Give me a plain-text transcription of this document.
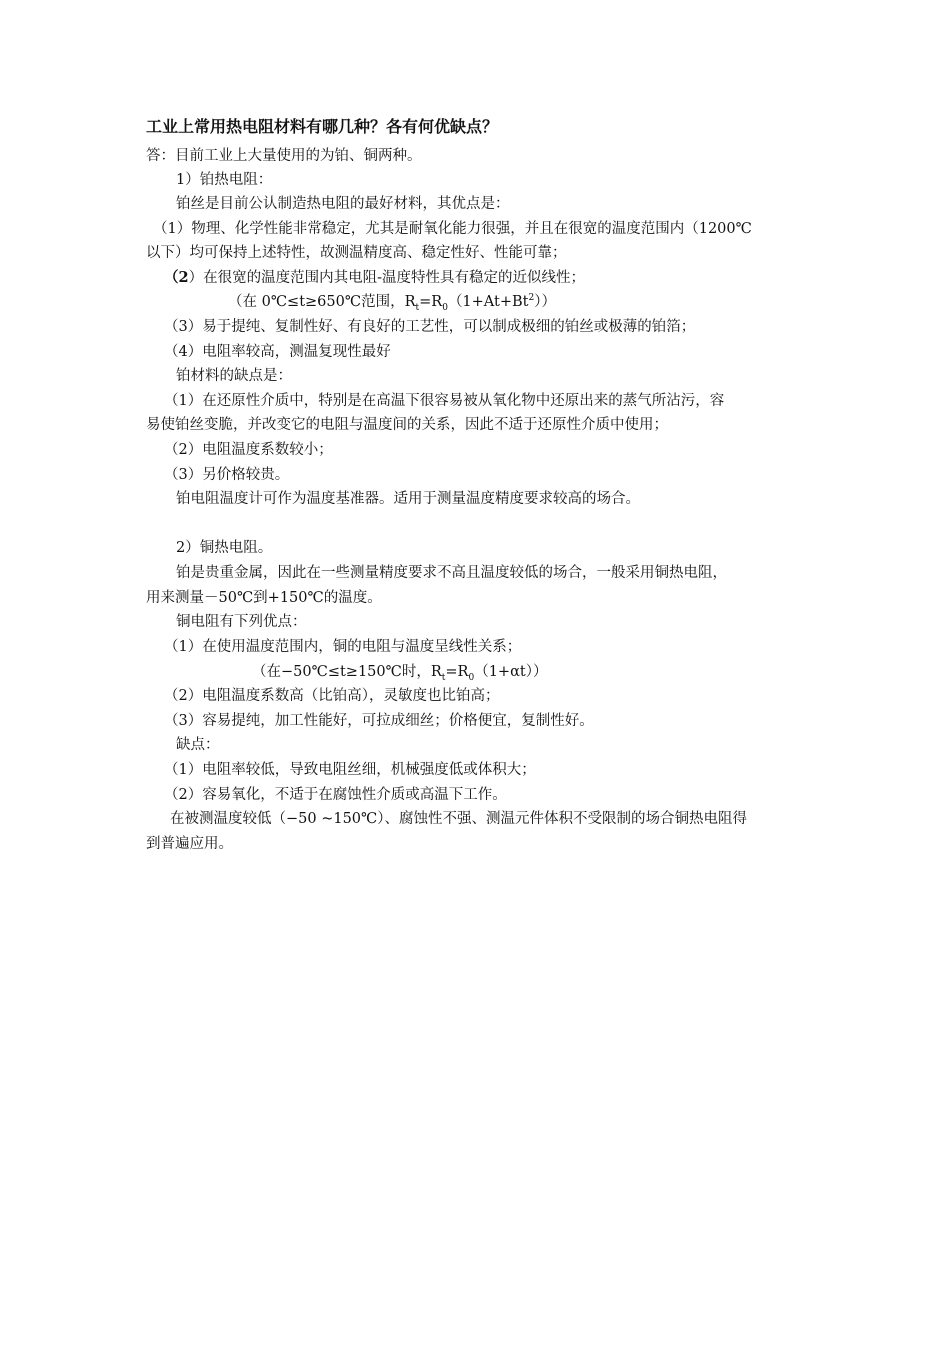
工业上常用热电阻材料有哪几种？各有何优缺点？
答：目前工业上大量使用的为铂、铜两种。
1）铂热电阻：
铂丝是目前公认制造热电阻的最好材料，其优点是：
（1）物理、化学性能非常稳定，尤其是耐氧化能力很强，并且在很宽的温度范围内（1200℃
以下）均可保持上述特性，故测温精度高、稳定性好、性能可靠；
（2）在很宽的温度范围内其电阻-温度特性具有稳定的近似线性；
（在 0℃≤t≥650℃范围，$R_t=R_0(1+At+Bt^2)$）
（3）易于提纯、复制性好、有良好的工艺性，可以制成极细的铂丝或极薄的铂箔；
（4）电阻率较高，测温复现性最好
铂材料的缺点是：
（1）在还原性介质中，特别是在高温下很容易被从氧化物中还原出来的蒸气所沾污，容
易使铂丝变脆，并改变它的电阻与温度间的关系，因此不适于还原性介质中使用；
（2）电阻温度系数较小；
（3）另价格较贵。
铂电阻温度计可作为温度基准器。适用于测量温度精度要求较高的场合。
2）铜热电阻。
铂是贵重金属，因此在一些测量精度要求不高且温度较低的场合，一般采用铜热电阻，
用来测量－50℃到+150℃的温度。
铜电阻有下列优点：
（1）在使用温度范围内，铜的电阻与温度呈线性关系；
（在−50℃≤t≥150℃时，$R_t=R_0(1+\alpha t)$）
（2）电阻温度系数高（比铂高），灵敏度也比铂高；
（3）容易提纯，加工性能好，可拉成细丝；价格便宜，复制性好。
缺点：
（1）电阻率较低，导致电阻丝细，机械强度低或体积大；
（2）容易氧化，不适于在腐蚀性介质或高温下工作。
在被测温度较低（−50 ~150℃）、腐蚀性不强、测温元件体积不受限制的场合铜热电阻得
到普遍应用。
